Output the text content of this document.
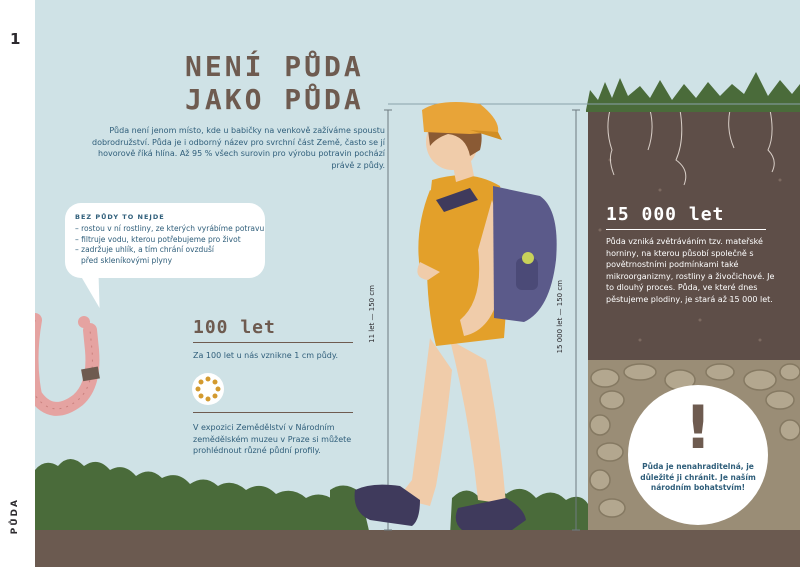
1
PŮDA
NENÍ PŮDA
JAKO PŮDA
Půda není jenom místo, kde u babičky na venkově zažíváme spoustu dobrodružství. Půda je i odborný název pro svrchní část Země, často se jí hovorově říká hlína. Až 95 % všech surovin pro výrobu potravin pochází právě z půdy.
BEZ PŮDY TO NEJDE
– rostou v ní rostliny, ze kterých vyrábíme potravu
– filtruje vodu, kterou potřebujeme pro život
– zadržuje uhlík, a tím chrání ovzduší
před skleníkovými plyny
100 let
Za 100 let u nás vznikne 1 cm půdy.
V expozici Zemědělství v Národním zemědělském muzeu v Praze si můžete prohlédnout různé půdní profily.
11 let — 150 cm	15 000 let — 150 cm
15 000 let
Půda vzniká zvětráváním tzv. mateřské horniny, na kterou působí společně s povětrnostními podmínkami také mikroorganizmy, rostliny a živočichové. Je to dlouhý proces. Půda, ve které dnes pěstujeme plodiny, je stará až 15 000 let.
!
Půda je nenahraditelná, je důležité ji chránit. Je naším národním bohatstvím!
